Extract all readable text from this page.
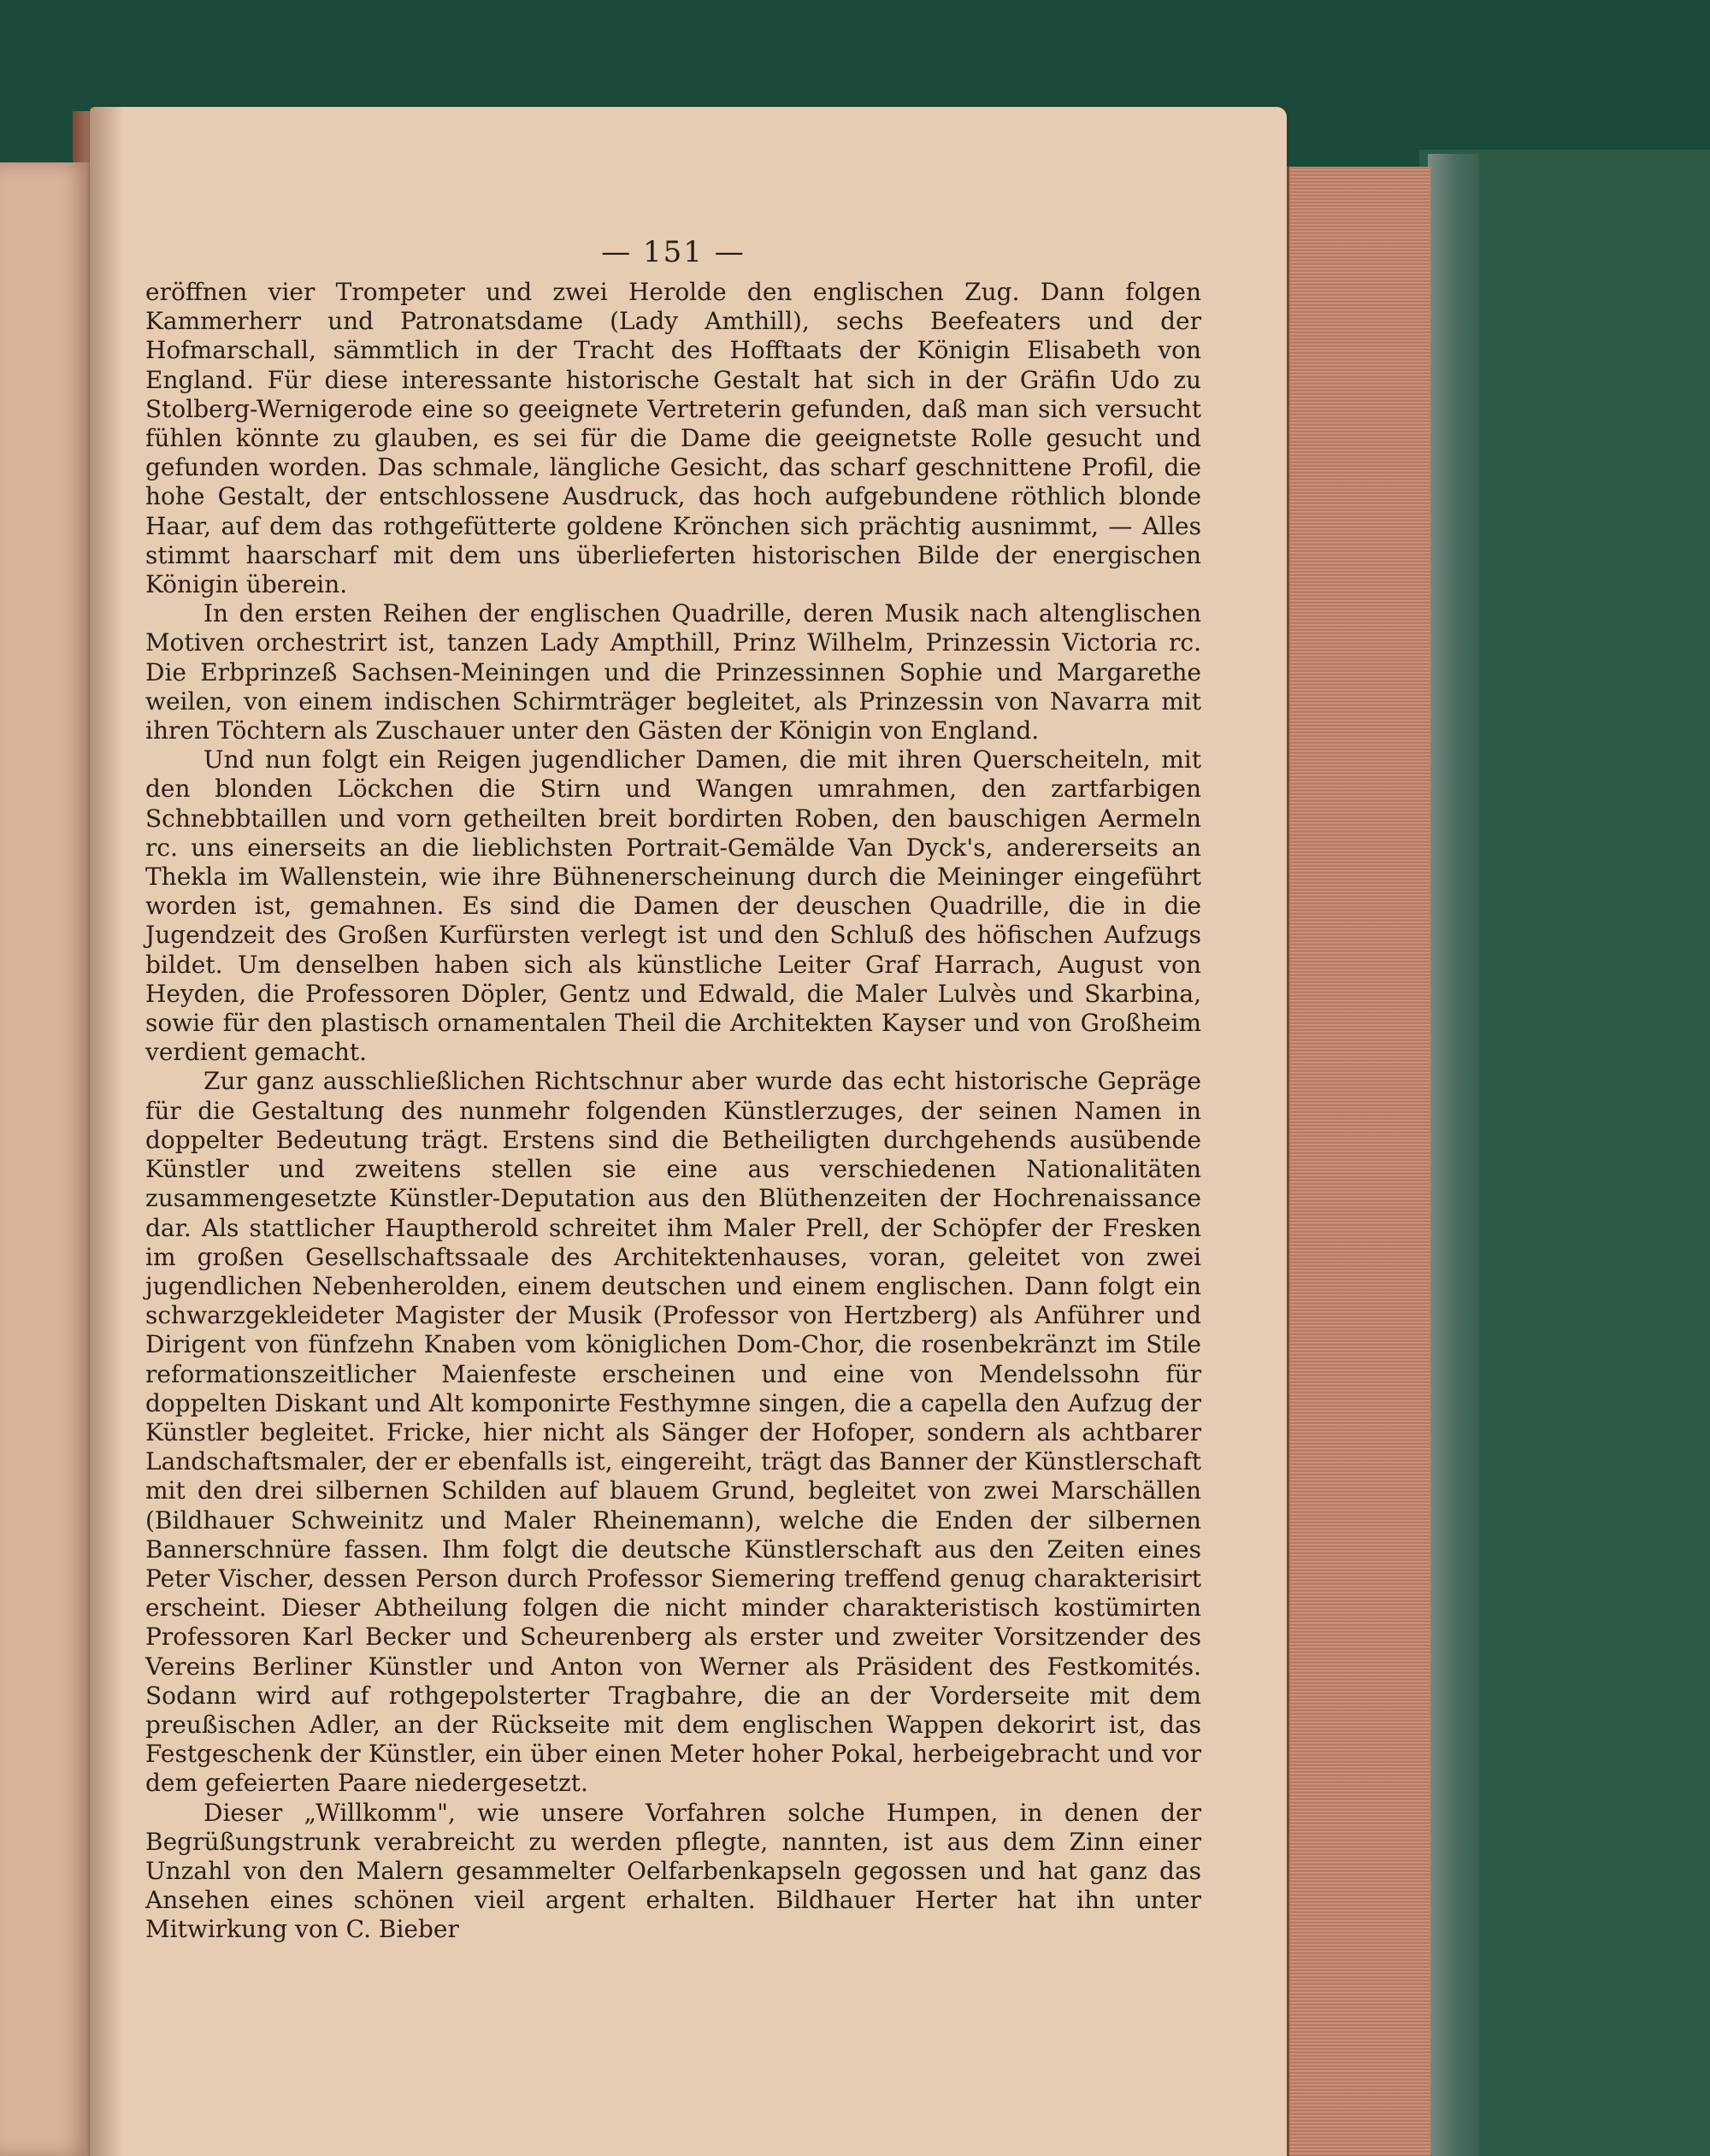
— 151 —

eröffnen vier Trompeter und zwei Herolde den englischen Zug. Dann folgen Kammerherr und Patronatsdame (Lady Amthill), sechs Beefeaters und der Hofmarschall, sämmtlich in der Tracht des Hofftaats der Königin Elisabeth von England. Für diese interessante historische Gestalt hat sich in der Gräfin Udo zu Stolberg-Wernigerode eine so geeignete Vertreterin gefunden, daß man sich versucht fühlen könnte zu glauben, es sei für die Dame die geeignetste Rolle gesucht und gefunden worden. Das schmale, längliche Gesicht, das scharf geschnittene Profil, die hohe Gestalt, der entschlossene Ausdruck, das hoch aufgebundene röthlich blonde Haar, auf dem das rothgefütterte goldene Krönchen sich prächtig ausnimmt, — Alles stimmt haarscharf mit dem uns überlieferten historischen Bilde der energischen Königin überein.

In den ersten Reihen der englischen Quadrille, deren Musik nach altenglischen Motiven orchestrirt ist, tanzen Lady Ampthill, Prinz Wilhelm, Prinzessin Victoria rc. Die Erbprinzeß Sachsen-Meiningen und die Prinzessinnen Sophie und Margarethe weilen, von einem indischen Schirmträger begleitet, als Prinzessin von Navarra mit ihren Töchtern als Zuschauer unter den Gästen der Königin von England.

Und nun folgt ein Reigen jugendlicher Damen, die mit ihren Querscheiteln, mit den blonden Löckchen die Stirn und Wangen umrahmen, den zartfarbigen Schnebbtaillen und vorn getheilten breit bordirten Roben, den bauschigen Aermeln rc. uns einerseits an die lieblichsten Portrait-Gemälde Van Dyck's, andererseits an Thekla im Wallenstein, wie ihre Bühnenerscheinung durch die Meininger eingeführt worden ist, gemahnen. Es sind die Damen der deuschen Quadrille, die in die Jugendzeit des Großen Kurfürsten verlegt ist und den Schluß des höfischen Aufzugs bildet. Um denselben haben sich als künstliche Leiter Graf Harrach, August von Heyden, die Professoren Döpler, Gentz und Edwald, die Maler Lulvès und Skarbina, sowie für den plastisch ornamentalen Theil die Architekten Kayser und von Großheim verdient gemacht.

Zur ganz ausschließlichen Richtschnur aber wurde das echt historische Gepräge für die Gestaltung des nunmehr folgenden Künstlerzuges, der seinen Namen in doppelter Bedeutung trägt. Erstens sind die Betheiligten durchgehends ausübende Künstler und zweitens stellen sie eine aus verschiedenen Nationalitäten zusammengesetzte Künstler-Deputation aus den Blüthenzeiten der Hochrenaissance dar. Als stattlicher Hauptherold schreitet ihm Maler Prell, der Schöpfer der Fresken im großen Gesellschaftssaale des Architektenhauses, voran, geleitet von zwei jugendlichen Nebenherolden, einem deutschen und einem englischen. Dann folgt ein schwarzgekleideter Magister der Musik (Professor von Hertzberg) als Anführer und Dirigent von fünfzehn Knaben vom königlichen Dom-Chor, die rosenbekränzt im Stile reformationszeitlicher Maienfeste erscheinen und eine von Mendelssohn für doppelten Diskant und Alt komponirte Festhymne singen, die a capella den Aufzug der Künstler begleitet. Fricke, hier nicht als Sänger der Hofoper, sondern als achtbarer Landschaftsmaler, der er ebenfalls ist, eingereiht, trägt das Banner der Künstlerschaft mit den drei silbernen Schilden auf blauem Grund, begleitet von zwei Marschällen (Bildhauer Schweinitz und Maler Rheinemann), welche die Enden der silbernen Bannerschnüre fassen. Ihm folgt die deutsche Künstlerschaft aus den Zeiten eines Peter Vischer, dessen Person durch Professor Siemering treffend genug charakterisirt erscheint. Dieser Abtheilung folgen die nicht minder charakteristisch kostümirten Professoren Karl Becker und Scheurenberg als erster und zweiter Vorsitzender des Vereins Berliner Künstler und Anton von Werner als Präsident des Festkomités. Sodann wird auf rothgepolsterter Tragbahre, die an der Vorderseite mit dem preußischen Adler, an der Rückseite mit dem englischen Wappen dekorirt ist, das Festgeschenk der Künstler, ein über einen Meter hoher Pokal, herbeigebracht und vor dem gefeierten Paare niedergesetzt.

Dieser „Willkomm", wie unsere Vorfahren solche Humpen, in denen der Begrüßungstrunk verabreicht zu werden pflegte, nannten, ist aus dem Zinn einer Unzahl von den Malern gesammelter Oelfarbenkapseln gegossen und hat ganz das Ansehen eines schönen vieil argent erhalten. Bildhauer Herter hat ihn unter Mitwirkung von C. Bieber
